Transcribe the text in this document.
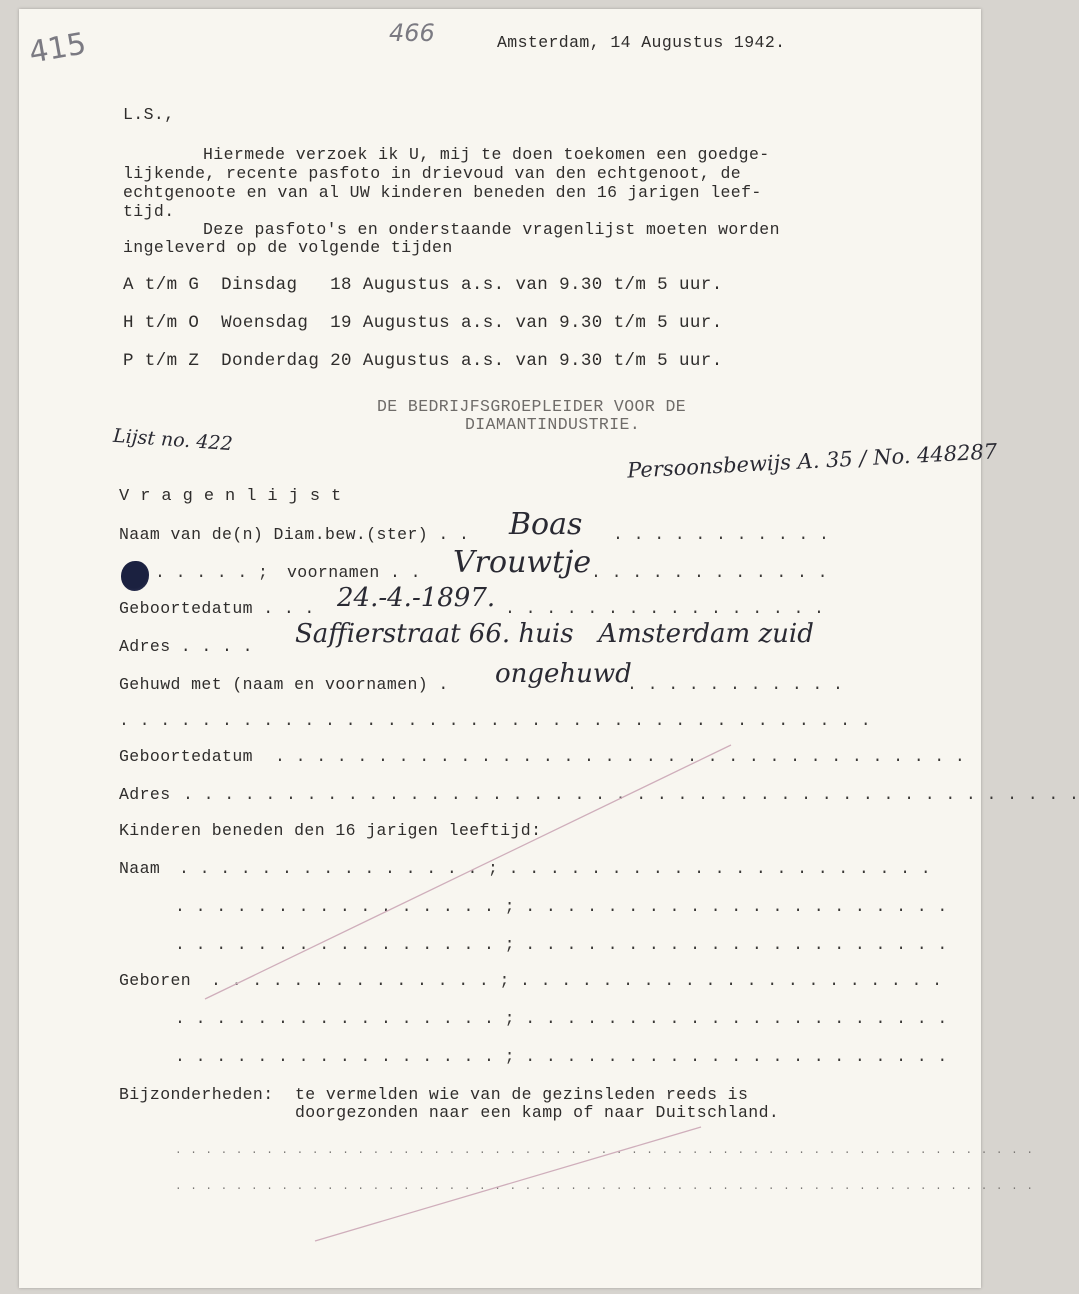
415	466	Amsterdam, 14 Augustus 1942.
L.S.,
Hiermede verzoek ik U, mij te doen toekomen een goedge-
lijkende, recente pasfoto in drievoud van den echtgenoot, de
echtgenoote en van al UW kinderen beneden den 16 jarigen leef-
tijd.
Deze pasfoto's en onderstaande vragenlijst moeten worden
ingeleverd op de volgende tijden
A t/m G  Dinsdag   18 Augustus a.s. van 9.30 t/m 5 uur.
H t/m O  Woensdag  19 Augustus a.s. van 9.30 t/m 5 uur.
P t/m Z  Donderdag 20 Augustus a.s. van 9.30 t/m 5 uur.
DE BEDRIJFSGROEPLEIDER VOOR DE
DIAMANTINDUSTRIE.
Lijst no. 422	Persoonsbewijs A. 35 / No. 448287
V r a g e n l i j s t
Naam van de(n) Diam.bew.(ster) . . Boas . . . . . . . . . . .
. . . . . ; voornamen . . Vrouwtje . . . . . . . . . . . .
Geboortedatum . . . 24.-4.-1897. . . . . . . . . . . . . . . . .
Adres . . . . Saffierstraat 66. huis   Amsterdam zuid
Gehuwd met (naam en voornamen) . ongehuwd
. . . . . . . . . . .
. . . . . . . . . . . . . . . . . . . . . . . . . . . . . . . . . . . . .
Geboortedatum . . . . . . . . . . . . . . . . . . . . . . . . . . . . . . . . . .
Adres . . . . . . . . . . . . . . . . . . . . . . . . . . . . . . . . . . . . . . . . . . . .
Kinderen beneden den 16 jarigen leeftijd:
Naam . . . . . . . . . . . . . . . ; . . . . . . . . . . . . . . . . . . . . .
. . . . . . . . . . . . . . . . ; . . . . . . . . . . . . . . . . . . . . .
. . . . . . . . . . . . . . . . ; . . . . . . . . . . . . . . . . . . . . .
Geboren . . . . . . . . . . . . . . ; . . . . . . . . . . . . . . . . . . . . .
. . . . . . . . . . . . . . . . ; . . . . . . . . . . . . . . . . . . . . .
. . . . . . . . . . . . . . . . ; . . . . . . . . . . . . . . . . . . . . .
Bijzonderheden: te vermelden wie van de gezinsleden reeds is
doorgezonden naar een kamp of naar Duitschland.
. . . . . . . . . . . . . . . . . . . . . . . . . . . . . . . . . . . . . . . . . . . . . . . . . . . . . . . . .
. . . . . . . . . . . . . . . . . . . . . . . . . . . . . . . . . . . . . . . . . . . . . . . . . . . . . . . . .
